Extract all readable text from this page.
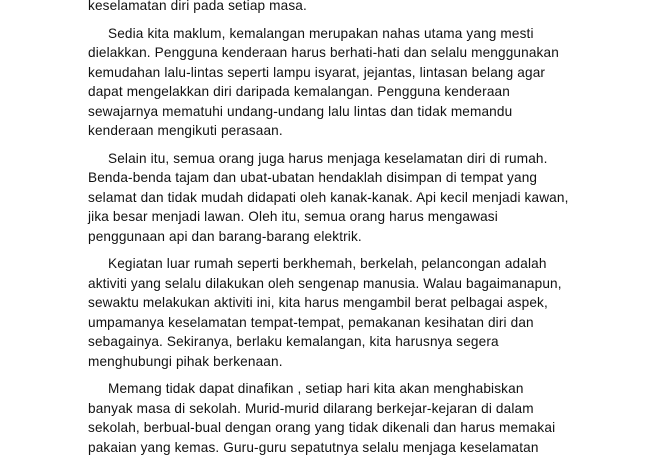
keselamatan diri pada setiap masa.
Sedia kita maklum, kemalangan merupakan nahas utama yang mesti
dielakkan. Pengguna kenderaan harus berhati-hati dan selalu menggunakan
kemudahan lalu-lintas seperti lampu isyarat, jejantas, lintasan belang agar
dapat mengelakkan diri daripada kemalangan. Pengguna kenderaan
sewajarnya mematuhi undang-undang lalu lintas dan tidak memandu
kenderaan mengikuti perasaan.
Selain itu, semua orang juga harus menjaga keselamatan diri di rumah.
Benda-benda tajam dan ubat-ubatan hendaklah disimpan di tempat yang
selamat dan tidak mudah didapati oleh kanak-kanak. Api kecil menjadi kawan,
jika besar menjadi lawan. Oleh itu, semua orang harus mengawasi
penggunaan api dan barang-barang elektrik.
Kegiatan luar rumah seperti berkhemah, berkelah, pelancongan adalah
aktiviti yang selalu dilakukan oleh sengenap manusia. Walau bagaimanapun,
sewaktu melakukan aktiviti ini, kita harus mengambil berat pelbagai aspek,
umpamanya keselamatan tempat-tempat, pemakanan kesihatan diri dan
sebagainya. Sekiranya, berlaku kemalangan, kita harusnya segera
menghubungi pihak berkenaan.
Memang tidak dapat dinafikan , setiap hari kita akan menghabiskan
banyak masa di sekolah. Murid-murid dilarang berkejar-kejaran di dalam
sekolah, berbual-bual dengan orang yang tidak dikenali dan harus memakai
pakaian yang kemas. Guru-guru sepatutnya selalu menjaga keselamatan
